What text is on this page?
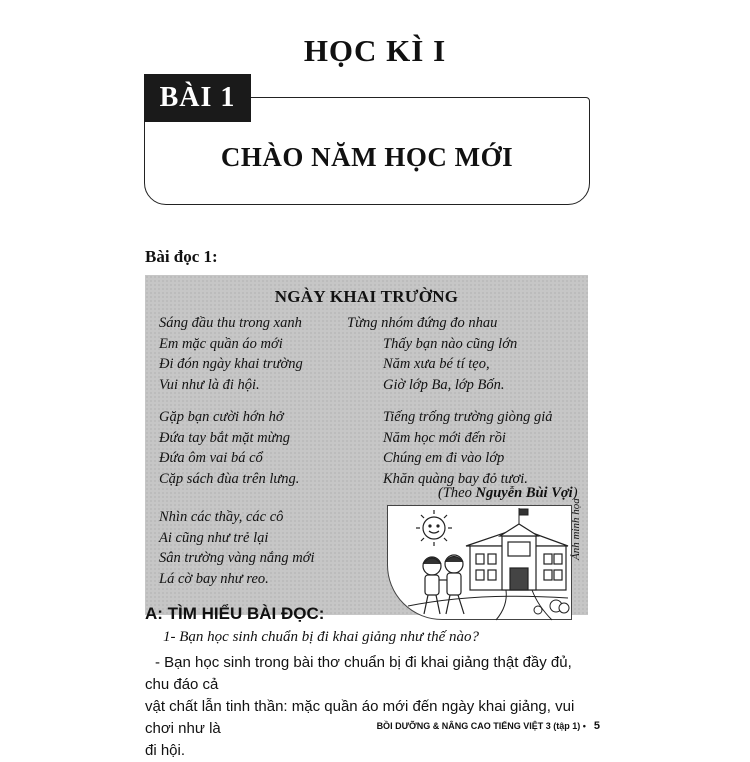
HỌC KÌ I
BÀI 1
CHÀO NĂM HỌC MỚI
Bài đọc 1:
NGÀY KHAI TRƯỜNG
Sáng đầu thu trong xanh
Em mặc quần áo mới
Đi đón ngày khai trường
Vui như là đi hội.
Gặp bạn cười hớn hở
Đứa tay bắt mặt mừng
Đứa ôm vai bá cổ
Cặp sách đùa trên lưng.
Nhìn các thầy, các cô
Ai cũng như trẻ lại
Sân trường vàng nắng mới
Lá cờ bay như reo.
Từng nhóm đứng đo nhau
Thấy bạn nào cũng lớn
Năm xưa bé tí tẹo,
Giờ lớp Ba, lớp Bốn.
Tiếng trống trường giòng giả
Năm học mới đến rồi
Chúng em đi vào lớp
Khăn quàng bay đỏ tươi.
(Theo Nguyễn Bùi Vợi)
Ảnh minh họa
A: TÌM HIỂU BÀI ĐỌC:
1- Bạn học sinh chuẩn bị đi khai giảng như thế nào?
- Bạn học sinh trong bài thơ chuẩn bị đi khai giảng thật đầy đủ, chu đáo cả
vật chất lẫn tinh thần: mặc quần áo mới đến ngày khai giảng, vui chơi như là
đi hội.
BỒI DƯỠNG & NÂNG CAO TIẾNG VIỆT 3 (tập 1) • 5
